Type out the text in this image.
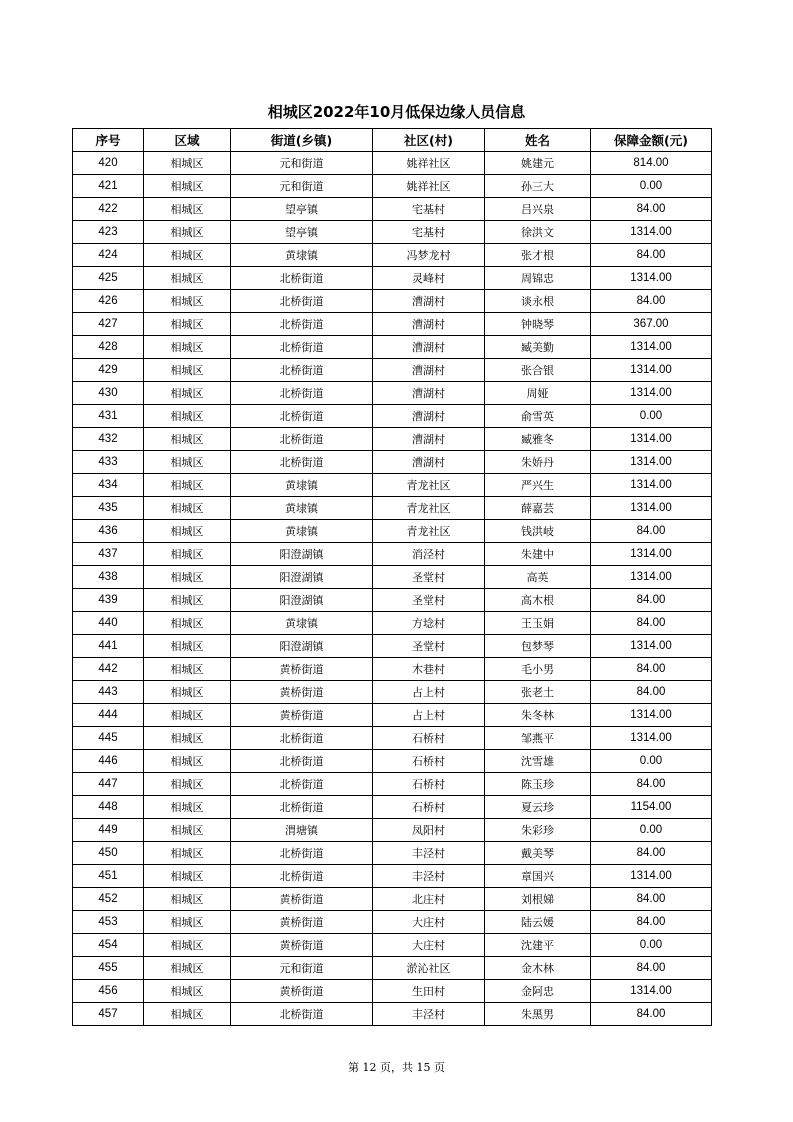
相城区2022年10月低保边缘人员信息
序号	区域	街道(乡镇)	社区(村)	姓名	保障金额(元)
420	相城区	元和街道	姚祥社区	姚建元	814.00
421	相城区	元和街道	姚祥社区	孙三大	0.00
422	相城区	望亭镇	宅基村	吕兴泉	84.00
423	相城区	望亭镇	宅基村	徐洪文	1314.00
424	相城区	黄埭镇	冯梦龙村	张才根	84.00
425	相城区	北桥街道	灵峰村	周锦忠	1314.00
426	相城区	北桥街道	漕湖村	谈永根	84.00
427	相城区	北桥街道	漕湖村	钟晓琴	367.00
428	相城区	北桥街道	漕湖村	臧美勤	1314.00
429	相城区	北桥街道	漕湖村	张合银	1314.00
430	相城区	北桥街道	漕湖村	周娅	1314.00
431	相城区	北桥街道	漕湖村	俞雪英	0.00
432	相城区	北桥街道	漕湖村	臧雅冬	1314.00
433	相城区	北桥街道	漕湖村	朱娇丹	1314.00
434	相城区	黄埭镇	青龙社区	严兴生	1314.00
435	相城区	黄埭镇	青龙社区	薛嘉芸	1314.00
436	相城区	黄埭镇	青龙社区	钱洪岐	84.00
437	相城区	阳澄湖镇	消泾村	朱建中	1314.00
438	相城区	阳澄湖镇	圣堂村	高英	1314.00
439	相城区	阳澄湖镇	圣堂村	高木根	84.00
440	相城区	黄埭镇	方埝村	王玉娟	84.00
441	相城区	阳澄湖镇	圣堂村	包梦琴	1314.00
442	相城区	黄桥街道	木巷村	毛小男	84.00
443	相城区	黄桥街道	占上村	张老土	84.00
444	相城区	黄桥街道	占上村	朱冬林	1314.00
445	相城区	北桥街道	石桥村	邹燕平	1314.00
446	相城区	北桥街道	石桥村	沈雪雄	0.00
447	相城区	北桥街道	石桥村	陈玉珍	84.00
448	相城区	北桥街道	石桥村	夏云珍	1154.00
449	相城区	渭塘镇	凤阳村	朱彩珍	0.00
450	相城区	北桥街道	丰泾村	戴美琴	84.00
451	相城区	北桥街道	丰泾村	章国兴	1314.00
452	相城区	黄桥街道	北庄村	刘根娣	84.00
453	相城区	黄桥街道	大庄村	陆云媛	84.00
454	相城区	黄桥街道	大庄村	沈建平	0.00
455	相城区	元和街道	淤沁社区	金木林	84.00
456	相城区	黄桥街道	生田村	金阿忠	1314.00
457	相城区	北桥街道	丰泾村	朱黑男	84.00
第 12 页，共 15 页
